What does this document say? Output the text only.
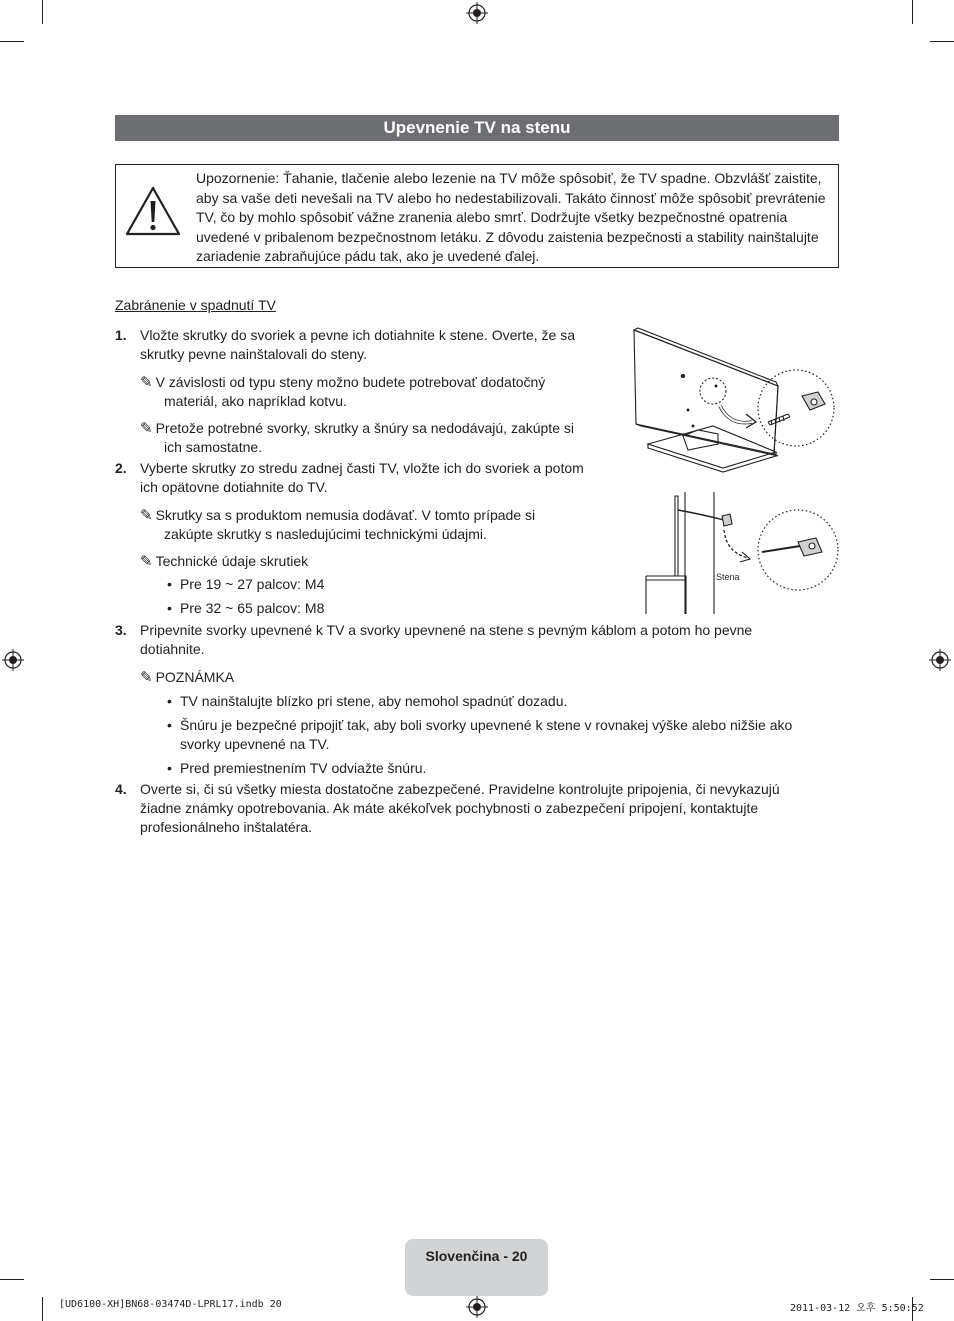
Upevnenie TV na stenu
Upozornenie: Ťahanie, tlačenie alebo lezenie na TV môže spôsobiť, že TV spadne. Obzvlášť zaistite, aby sa vaše deti nevešali na TV alebo ho nedestabilizovali. Takáto činnosť môže spôsobiť prevrátenie TV, čo by mohlo spôsobiť vážne zranenia alebo smrť. Dodržujte všetky bezpečnostné opatrenia uvedené v pribalenom bezpečnostnom letáku. Z dôvodu zaistenia bezpečnosti a stability nainštalujte zariadenie zabraňujúce pádu tak, ako je uvedené ďalej.
Zabránenie v spadnutí TV
1. Vložte skrutky do svoriek a pevne ich dotiahnite k stene. Overte, že sa
skrutky pevne nainštalovali do steny.
✎ V závislosti od typu steny možno budete potrebovať dodatočný
materiál, ako napríklad kotvu.
✎ Pretože potrebné svorky, skrutky a šnúry sa nedodávajú, zakúpte si
ich samostatne.
2. Vyberte skrutky zo stredu zadnej časti TV, vložte ich do svoriek a potom
ich opätovne dotiahnite do TV.
✎ Skrutky sa s produktom nemusia dodávať. V tomto prípade si
zakúpte skrutky s nasledujúcimi technickými údajmi.
✎ Technické údaje skrutiek
• Pre 19 ~ 27 palcov: M4
• Pre 32 ~ 65 palcov: M8
3. Pripevnite svorky upevnené k TV a svorky upevnené na stene s pevným káblom a potom ho pevne
dotiahnite.
✎ POZNÁMKA
• TV nainštalujte blízko pri stene, aby nemohol spadnúť dozadu.
• Šnúru je bezpečné pripojiť tak, aby boli svorky upevnené k stene v rovnakej výške alebo nižšie ako
svorky upevnené na TV.
• Pred premiestnením TV odviažte šnúru.
4. Overte si, či sú všetky miesta dostatočne zabezpečené. Pravidelne kontrolujte pripojenia, či nevykazujú
žiadne známky opotrebovania. Ak máte akékoľvek pochybnosti o zabezpečení pripojení, kontaktujte
profesionálneho inštalatéra.
Stena
Slovenčina - 20
[UD6100-XH]BN68-03474D-LPRL17.indb 20	2011-03-12 오후 5:50:52
